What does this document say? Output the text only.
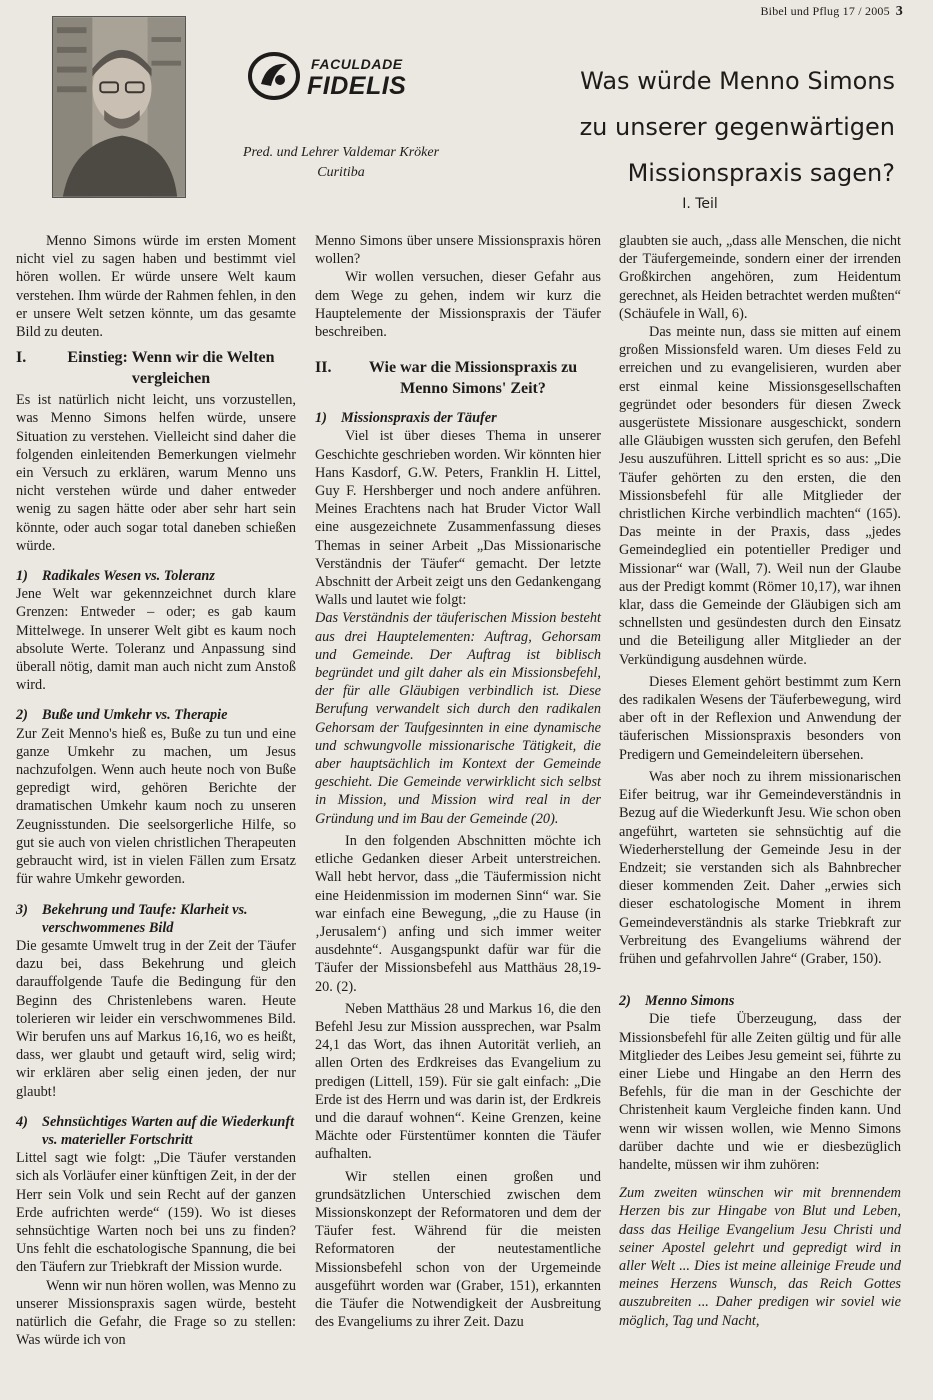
Bibel und Pflug 17 / 2005 3
FACULDADE
FIDELIS
Pred. und Lehrer Valdemar Kröker
Curitiba
Was würde Menno Simons
zu unserer gegenwärtigen
Missionspraxis sagen?
I. Teil

Menno Simons würde im ersten Moment nicht viel zu sagen haben und bestimmt viel hören wollen. Er würde unsere Welt kaum verstehen. Ihm würde der Rahmen fehlen, in den er unsere Welt setzen könnte, um das gesamte Bild zu deuten.

I.	Einstieg: Wenn wir die Welten vergleichen

Es ist natürlich nicht leicht, uns vorzustellen, was Menno Simons helfen würde, unsere Situation zu verstehen. Vielleicht sind daher die folgenden einleitenden Bemerkungen vielmehr ein Versuch zu erklären, warum Menno uns nicht verstehen würde und daher entweder wenig zu sagen hätte oder aber sehr hart sein könnte, oder auch sogar total daneben schießen würde.

1) Radikales Wesen vs. Toleranz

Jene Welt war gekennzeichnet durch klare Grenzen: Entweder – oder; es gab kaum Mittelwege. In unserer Welt gibt es kaum noch absolute Werte. Toleranz und Anpassung sind überall nötig, damit man auch nicht zum Anstoß wird.

2) Buße und Umkehr vs. Therapie

Zur Zeit Menno's hieß es, Buße zu tun und eine ganze Umkehr zu machen, um Jesus nachzufolgen. Wenn auch heute noch von Buße gepredigt wird, gehören Berichte der dramatischen Umkehr kaum noch zu unseren Zeugnisstunden. Die seelsorgerliche Hilfe, so gut sie auch von vielen christlichen Therapeuten gebraucht wird, ist in vielen Fällen zum Ersatz für wahre Umkehr geworden.

3) Bekehrung und Taufe: Klarheit vs. verschwommenes Bild

Die gesamte Umwelt trug in der Zeit der Täufer dazu bei, dass Bekehrung und gleich darauffolgende Taufe die Bedingung für den Beginn des Christenlebens waren. Heute tolerieren wir leider ein verschwommenes Bild. Wir berufen uns auf Markus 16,16, wo es heißt, dass, wer glaubt und getauft wird, selig wird; wir erklären aber selig einen jeden, der nur glaubt!

4) Sehnsüchtiges Warten auf die Wiederkunft vs. materieller Fortschritt

Littel sagt wie folgt: „Die Täufer verstanden sich als Vorläufer einer künftigen Zeit, in der der Herr sein Volk und sein Recht auf der ganzen Erde aufrichten werde“ (159). Wo ist dieses sehnsüchtige Warten noch bei uns zu finden? Uns fehlt die eschatologische Spannung, die bei den Täufern zur Triebkraft der Mission wurde.

Wenn wir nun hören wollen, was Menno zu unserer Missionspraxis sagen würde, besteht natürlich die Gefahr, die Frage so zu stellen: Was würde ich von

Menno Simons über unsere Missionspraxis hören wollen?

Wir wollen versuchen, dieser Gefahr aus dem Wege zu gehen, indem wir kurz die Hauptelemente der Missionspraxis der Täufer beschreiben.

II.	Wie war die Missionspraxis zu Menno Simons' Zeit?
1) Missionspraxis der Täufer

Viel ist über dieses Thema in unserer Geschichte geschrieben worden. Wir könnten hier Hans Kasdorf, G.W. Peters, Franklin H. Littel, Guy F. Hershberger und noch andere anführen. Meines Erachtens nach hat Bruder Victor Wall eine ausgezeichnete Zusammenfassung dieses Themas in seiner Arbeit „Das Missionarische Verständnis der Täufer“ gemacht. Der letzte Abschnitt der Arbeit zeigt uns den Gedankengang Walls und lautet wie folgt:

Das Verständnis der täuferischen Mission besteht aus drei Hauptelementen: Auftrag, Gehorsam und Gemeinde. Der Auftrag ist biblisch begründet und gilt daher als ein Missionsbefehl, der für alle Gläubigen verbindlich ist. Diese Berufung verwandelt sich durch den radikalen Gehorsam der Taufgesinnten in eine dynamische und schwungvolle missionarische Tätigkeit, die aber hauptsächlich im Kontext der Gemeinde geschieht. Die Gemeinde verwirklicht sich selbst in Mission, und Mission wird real in der Gründung und im Bau der Gemeinde (20).

In den folgenden Abschnitten möchte ich etliche Gedanken dieser Arbeit unterstreichen. Wall hebt hervor, dass „die Täufermission nicht eine Heidenmission im modernen Sinn“ war. Sie war einfach eine Bewegung, „die zu Hause (in ‚Jerusalem‘) anfing und sich immer weiter ausdehnte“. Ausgangspunkt dafür war für die Täufer der Missionsbefehl aus Matthäus 28,19-20. (2).

Neben Matthäus 28 und Markus 16, die den Befehl Jesu zur Mission aussprechen, war Psalm 24,1 das Wort, das ihnen Autorität verlieh, an allen Orten des Erdkreises das Evangelium zu predigen (Littell, 159). Für sie galt einfach: „Die Erde ist des Herrn und was darin ist, der Erdkreis und die darauf wohnen“. Keine Grenzen, keine Mächte oder Fürstentümer konnten die Täufer aufhalten.

Wir stellen einen großen und grundsätzlichen Unterschied zwischen dem Missionskonzept der Reformatoren und dem der Täufer fest. Während für die meisten Reformatoren der neutestamentliche Missionsbefehl schon von der Urgemeinde ausgeführt worden war (Graber, 151), erkannten die Täufer die Notwendigkeit der Ausbreitung des Evangeliums zu ihrer Zeit. Dazu

glaubten sie auch, „dass alle Menschen, die nicht der Täufergemeinde, sondern einer der irrenden Großkirchen angehören, zum Heidentum gerechnet, als Heiden betrachtet werden mußten“ (Schäufele in Wall, 6).

Das meinte nun, dass sie mitten auf einem großen Missionsfeld waren. Um dieses Feld zu erreichen und zu evangelisieren, wurden aber erst einmal keine Missionsgesellschaften gegründet oder besonders für diesen Zweck ausgerüstete Missionare ausgeschickt, sondern alle Gläubigen wussten sich gerufen, den Befehl Jesu auszuführen. Littell spricht es so aus: „Die Täufer gehörten zu den ersten, die den Missionsbefehl für alle Mitglieder der christlichen Kirche verbindlich machten“ (165). Das meinte in der Praxis, dass „jedes Gemeindeglied ein potentieller Prediger und Missionar“ war (Wall, 7). Weil nun der Glaube aus der Predigt kommt (Römer 10,17), war ihnen klar, dass die Gemeinde der Gläubigen sich am schnellsten und gesündesten durch den Einsatz und die Beteiligung aller Mitglieder an der Verkündigung ausdehnen würde.

Dieses Element gehört bestimmt zum Kern des radikalen Wesens der Täuferbewegung, wird aber oft in der Reflexion und Anwendung der täuferischen Missionspraxis besonders von Predigern und Gemeindeleitern übersehen.

Was aber noch zu ihrem missionarischen Eifer beitrug, war ihr Gemeindeverständnis in Bezug auf die Wiederkunft Jesu. Wie schon oben angeführt, warteten sie sehnsüchtig auf die Wiederherstellung der Gemeinde Jesu in der Endzeit; sie verstanden sich als Bahnbrecher dieser kommenden Zeit. Daher „erwies sich dieser eschatologische Moment in ihrem Gemeindeverständnis als starke Triebkraft zur Verbreitung des Evangeliums während der frühen und gefahrvollen Jahre“ (Graber, 150).

2) Menno Simons

Die tiefe Überzeugung, dass der Missionsbefehl für alle Zeiten gültig und für alle Mitglieder des Leibes Jesu gemeint sei, führte zu einer Liebe und Hingabe an den Herrn des Befehls, für die man in der Geschichte der Christenheit kaum Vergleiche finden kann. Und wenn wir wissen wollen, wie Menno Simons darüber dachte und wie er diesbezüglich handelte, müssen wir ihm zuhören:

Zum zweiten wünschen wir mit brennendem Herzen bis zur Hingabe von Blut und Leben, dass das Heilige Evangelium Jesu Christi und seiner Apostel gelehrt und gepredigt wird in aller Welt ... Dies ist meine alleinige Freude und meines Herzens Wunsch, das Reich Gottes auszubreiten ... Daher predigen wir soviel wie möglich, Tag und Nacht,
